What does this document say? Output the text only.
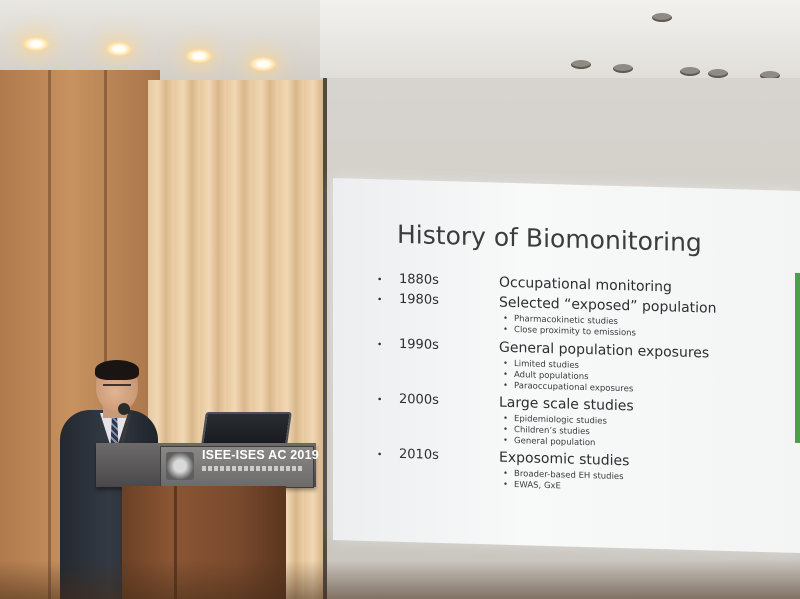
History of Biomonitoring
• 1880s	Occupational monitoring
• 1980s	Selected “exposed” population
• Pharmacokinetic studies
• Close proximity to emissions
• 1990s	General population exposures
• Limited studies
• Adult populations
• Paraoccupational exposures
• 2000s	Large scale studies
• Epidemiologic studies
• Children’s studies
• General population
• 2010s	Exposomic studies
• Broader-based EH studies
• EWAS, GxE
ISEE-ISES AC 2019
